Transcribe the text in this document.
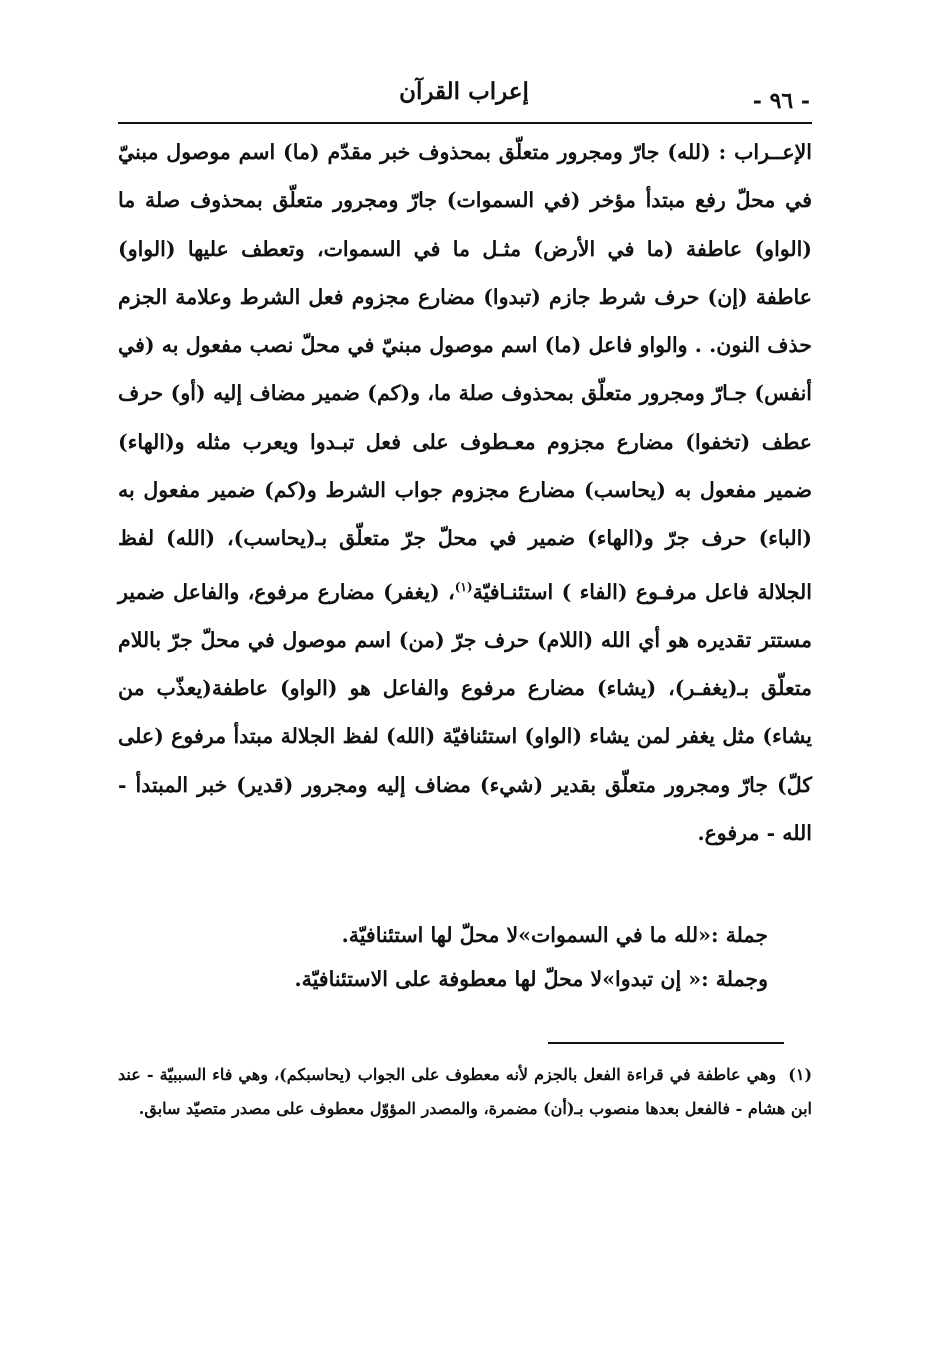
- ٩٦ -
إعراب القرآن
الإعــراب : (لله) جارّ ومجرور متعلّق بمحذوف خبر مقدّم (ما) اسم موصول مبنيّ في محلّ رفع مبتدأ مؤخر (في السموات) جارّ ومجرور متعلّق بمحذوف صلة ما (الواو) عاطفة (ما في الأرض) مثـل ما في السموات، وتعطف عليها (الواو) عاطفة (إن) حرف شرط جازم (تبدوا) مضارع مجزوم فعل الشرط وعلامة الجزم حذف النون. . والواو فاعل (ما) اسم موصول مبنيّ في محلّ نصب مفعول به (في أنفس) جـارّ ومجرور متعلّق بمحذوف صلة ما، و(كم) ضمير مضاف إليه (أو) حرف عطف (تخفوا) مضارع مجزوم معـطوف على فعل تبـدوا ويعرب مثله و(الهاء) ضمير مفعول به (يحاسب) مضارع مجزوم جواب الشرط و(كم) ضمير مفعول به (الباء) حرف جرّ و(الهاء) ضمير في محلّ جرّ متعلّق بـ(يحاسب)، (الله) لفظ الجلالة فاعل مرفـوع (الفاء ) استئنـافيّة$^{(١)}$، (يغفر) مضارع مرفوع، والفاعل ضمير مستتر تقديره هو أي الله (اللام) حرف جرّ (من) اسم موصول في محلّ جرّ باللام متعلّق بـ(يغفـر)، (يشاء) مضارع مرفوع والفاعل هو (الواو) عاطفة(يعذّب من يشاء) مثل يغفر لمن يشاء (الواو) استئنافيّة (الله) لفظ الجلالة مبتدأ مرفوع (على كلّ) جارّ ومجرور متعلّق بقدير (شيء) مضاف إليه ومجرور (قدير) خبر المبتدأ - الله - مرفوع.
جملة :«لله ما في السموات»لا محلّ لها استئنافيّة.
وجملة :« إن تبدوا»لا محلّ لها معطوفة على الاستئنافيّة.
(١) وهي عاطفة في قراءة الفعل بالجزم لأنه معطوف على الجواب (يحاسبكم)، وهي فاء السببيّة - عند ابن هشام - فالفعل بعدها منصوب بـ(أن) مضمرة، والمصدر المؤوّل معطوف على مصدر متصيّد سابق.
